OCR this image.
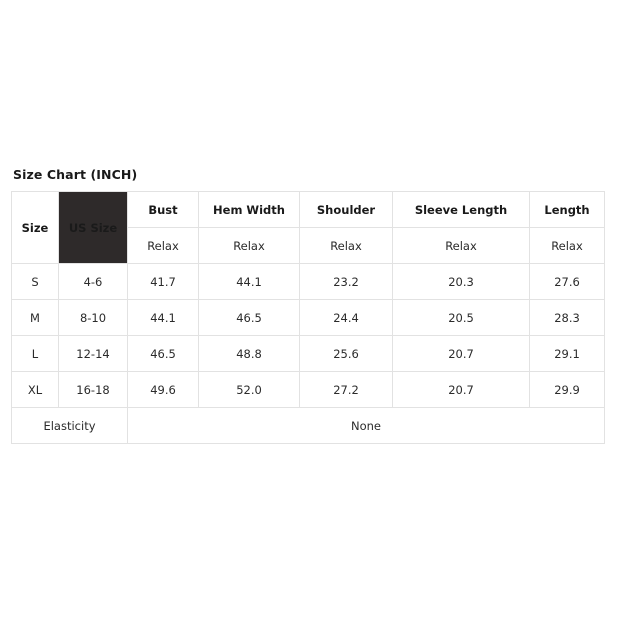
Size Chart (INCH)
Size	US Size	Bust	Hem Width	Shoulder	Sleeve Length	Length
		Relax	Relax	Relax	Relax	Relax
S	4-6	41.7	44.1	23.2	20.3	27.6
M	8-10	44.1	46.5	24.4	20.5	28.3
L	12-14	46.5	48.8	25.6	20.7	29.1
XL	16-18	49.6	52.0	27.2	20.7	29.9
Elasticity		None				
